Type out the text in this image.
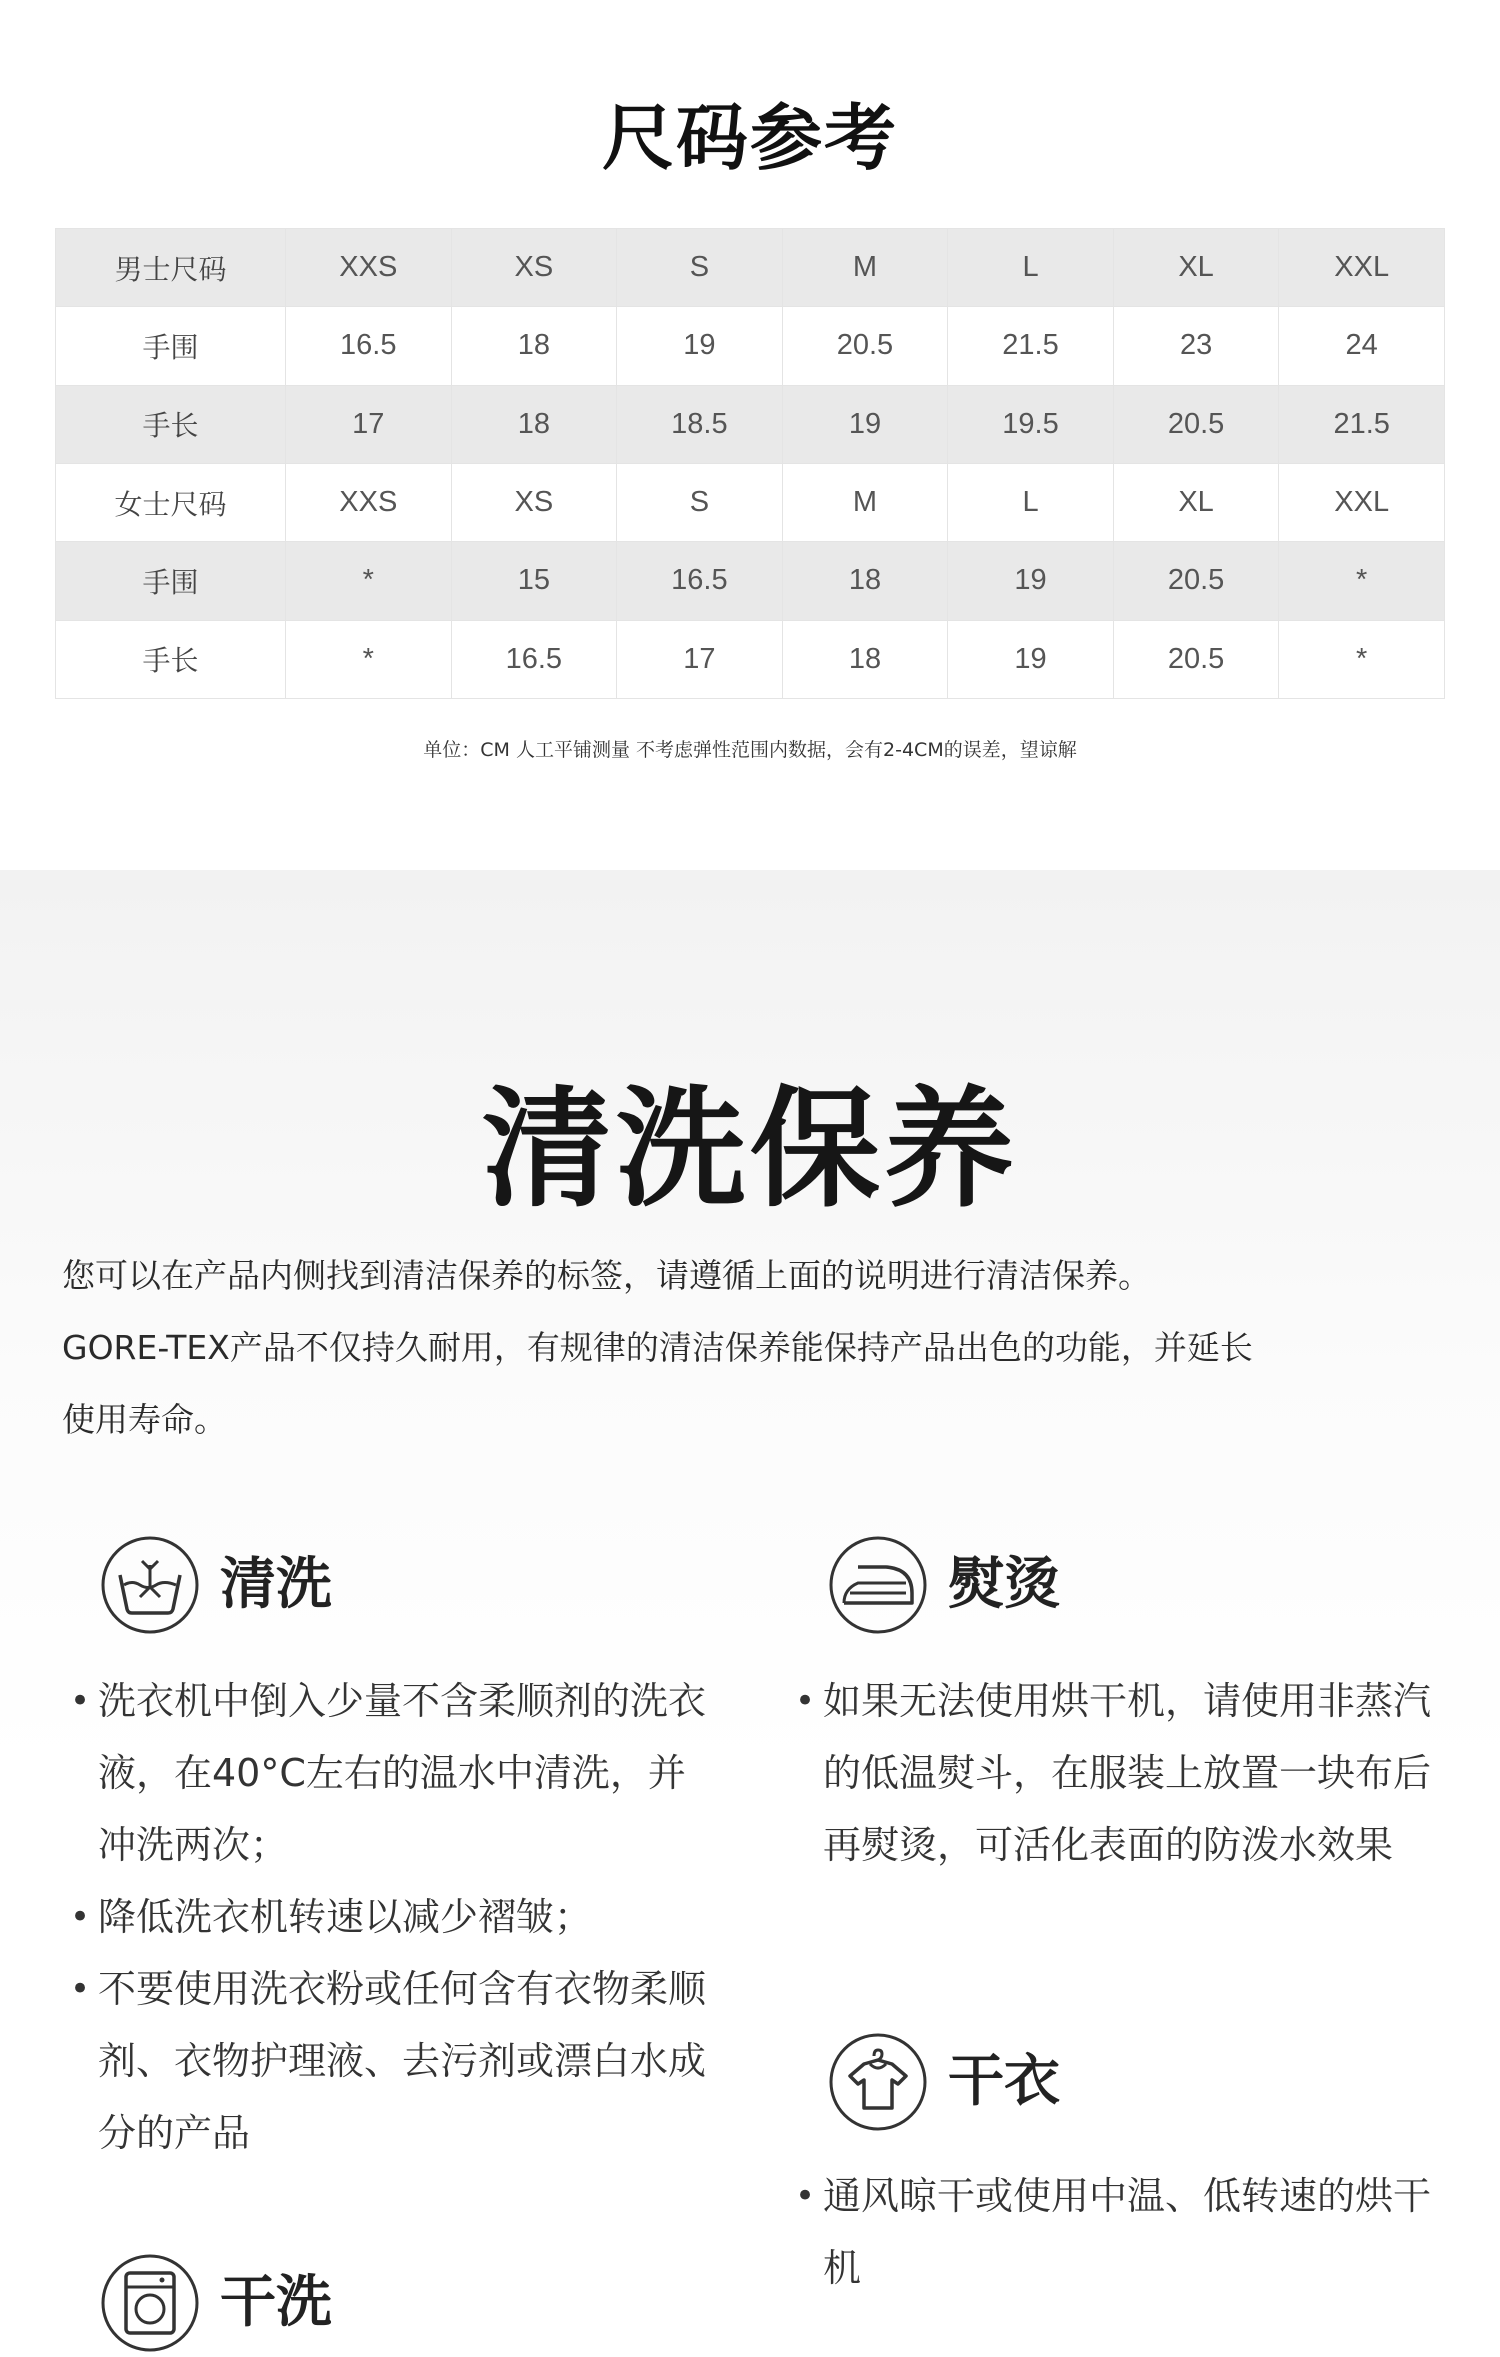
尺码参考
男士尺码	XXS	XS	S	M	L	XL	XXL
手围	16.5	18	19	20.5	21.5	23	24
手长	17	18	18.5	19	19.5	20.5	21.5
女士尺码	XXS	XS	S	M	L	XL	XXL
手围	*	15	16.5	18	19	20.5	*
手长	*	16.5	17	18	19	20.5	*
单位：CM 人工平铺测量 不考虑弹性范围内数据，会有2-4CM的误差，望谅解
清洗保养

您可以在产品内侧找到清洁保养的标签，请遵循上面的说明进行清洁保养。

GORE-TEX产品不仅持久耐用，有规律的清洁保养能保持产品出色的功能，并延长

使用寿命。

清洗
• 洗衣机中倒入少量不含柔顺剂的洗衣液，在40°C左右的温水中清洗，并冲洗两次；
• 降低洗衣机转速以减少褶皱；
• 不要使用洗衣粉或任何含有衣物柔顺剂、衣物护理液、去污剂或漂白水成分的产品
熨烫
• 如果无法使用烘干机，请使用非蒸汽的低温熨斗，在服装上放置一块布后再熨烫，可活化表面的防泼水效果
干衣
• 通风晾干或使用中温、低转速的烘干机
干洗
